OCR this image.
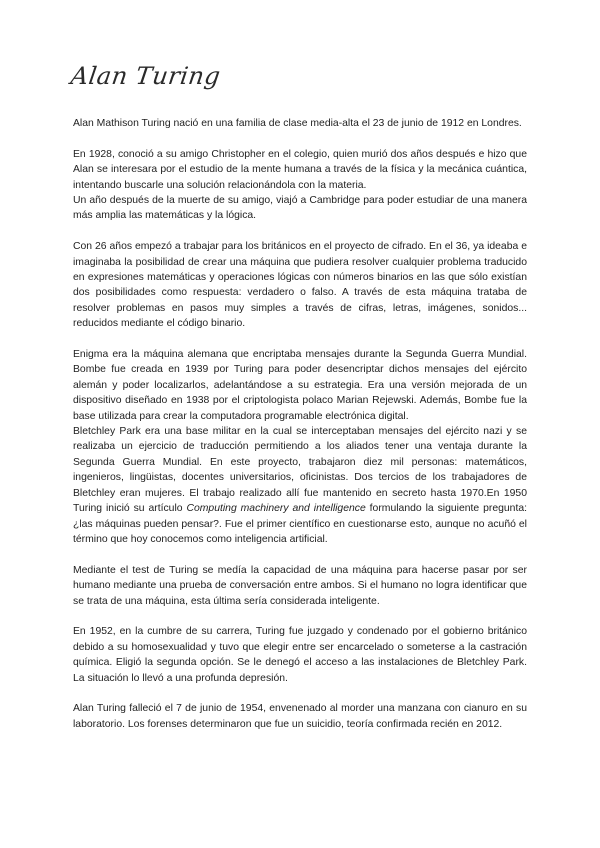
Alan Turing

Alan Mathison Turing nació en una familia de clase media-alta el 23 de junio de 1912 en Londres.

En 1928, conoció a su amigo Christopher en el colegio, quien murió dos años después e hizo que Alan se interesara por el estudio de la mente humana a través de la física y la mecánica cuántica, intentando buscarle una solución relacionándola con la materia.

Un año después de la muerte de su amigo, viajó a Cambridge para poder estudiar de una manera más amplia las matemáticas y la lógica.

Con 26 años empezó a trabajar para los británicos en el proyecto de cifrado. En el 36, ya ideaba e imaginaba la posibilidad de crear una máquina que pudiera resolver cualquier problema traducido en expresiones matemáticas y operaciones lógicas con números binarios en las que sólo existían dos posibilidades como respuesta: verdadero o falso. A través de esta máquina trataba de resolver problemas en pasos muy simples a través de cifras, letras, imágenes, sonidos... reducidos mediante el código binario.

Enigma era la máquina alemana que encriptaba mensajes durante la Segunda Guerra Mundial. Bombe fue creada en 1939 por Turing para poder desencriptar dichos mensajes del ejército alemán y poder localizarlos, adelantándose a su estrategia. Era una versión mejorada de un dispositivo diseñado en 1938 por el criptologista polaco Marian Rejewski. Además, Bombe fue la base utilizada para crear la computadora programable electrónica digital.

Bletchley Park era una base militar en la cual se interceptaban mensajes del ejército nazi y se realizaba un ejercicio de traducción permitiendo a los aliados tener una ventaja durante la Segunda Guerra Mundial. En este proyecto, trabajaron diez mil personas: matemáticos, ingenieros, lingüistas, docentes universitarios, oficinistas. Dos tercios de los trabajadores de Bletchley eran mujeres. El trabajo realizado allí fue mantenido en secreto hasta 1970.En 1950 Turing inició su artículo Computing machinery and intelligence formulando la siguiente pregunta: ¿las máquinas pueden pensar?. Fue el primer científico en cuestionarse esto, aunque no acuñó el término que hoy conocemos como inteligencia artificial.

Mediante el test de Turing se medía la capacidad de una máquina para hacerse pasar por ser humano mediante una prueba de conversación entre ambos. Si el humano no logra identificar que se trata de una máquina, esta última sería considerada inteligente.

En 1952, en la cumbre de su carrera, Turing fue juzgado y condenado por el gobierno británico debido a su homosexualidad y tuvo que elegir entre ser encarcelado o someterse a la castración química. Eligió la segunda opción. Se le denegó el acceso a las instalaciones de Bletchley Park. La situación lo llevó a una profunda depresión.

Alan Turing falleció el 7 de junio de 1954, envenenado al morder una manzana con cianuro en su laboratorio. Los forenses determinaron que fue un suicidio, teoría confirmada recién en 2012.
